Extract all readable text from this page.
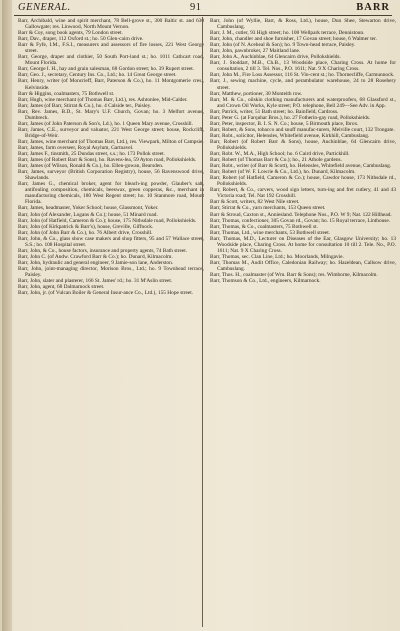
GENERAL.	91	BARR

Barr, Archibald, wine and spirit merchant, 78 Bell-grove st., 300 Baltic st. and 630 Gallowgate; res. Linwood, North Mount Vernon.

Barr & Coy, song book agents, 79 London street.

Barr, Dav., draper, 112 Oxford st.; ho. 50 Glen-cairn drive.

Barr & Fyfe, I.M., F.S.I., measurers and assessors of fire losses, 221 West George street.

Barr, George, draper and clothier, 50 South Port-land st.; ho. 1011 Cathcart road, Mount Florida.

Barr, George I. H., hay and grain salesman, 68 Gordon street; ho. 39 Rupert street.

Barr, Geo. J., secretary, Century Ins. Co., Ltd.; ho. 14 Great George street.

Barr, Henry, writer (of Moncrieff, Barr, Paterson & Co.), ho. 11 Montgomerie cres., Kelvinside.

Barr & Higgins, coalmasters, 75 Bothwell st.

Barr, Hugh, wine merchant (of Thomas Barr, Ltd.), res. Ashtonlee, Mid-Calder.

Barr, James (of Barr, Stirrat & Co.), ho. 4 Calside ter., Paisley.

Barr, Rev. James, B.D., St. Mary's U.F. Church, Govan; ho. 3 Melfort avenue, Dumbreck.

Barr, James (of John Paterson & Son's, Ld.), ho. 1 Queen Mary avenue, Crosshill.

Barr, James, C.E., surveyor and valuator, 221 West George street; house, Rockcliff, Bridge-of-Weir.

Barr, James, wine merchant (of Thomas Barr, Ltd.), res. Viewpark, Milton of Campsie.

Barr, James, farm overseer, Royal Asylum, Gartnavel.

Barr, James F., tinsmith, 25 Dundas street, s.s.; ho. 173 Pollok street.

Barr, James (of Robert Barr & Sons), ho. Ravens-lea, 59 Ayton road, Pollokshields.

Barr, James (of Wilson, Ronald & Co.), ho. Ellen-gowan, Bearsden.

Barr, James, surveyor (British Corporation Registry), house, 56 Ravenswood drive, Shawlands.

Barr, James G., chemical broker, agent for bleach-ing powder, Glauber's salt, antifouling composition, chemicals, beeswax, green copperas, &c., merchant in manufacturing chemicals, 180 West Regent street; ho. 10 Stanmore road, Mount Florida.

Barr, James, headmaster, Yoker School; house, Glassmont, Yoker.

Barr, John (of Alexander, Logans & Co.); house, 51 Minard road.

Barr, John (of Hatfield, Cameron & Co.); house, 175 Nithsdale road, Pollokshields.

Barr, John (of Kirkpatrick & Barr's), house, Greville, Giffnock.

Barr, John (of John Barr & Co.), ho. 76 Albert drive, Crosshill.

Barr, John, & Co., glass show case makers and shop fitters, 95 and 57 Wallace street, S.S.; ho. 108 Hospital street.

Barr, John, & Co., house factors, insurance and property agents, 74 Bath street.

Barr, John C. (of Andw. Crawford Barr & Co.); ho. Dunard, Kilmacolm.

Barr, John, hydraulic and general engineer, 9 Jamie-son lane, Anderston.

Barr, John, joint-managing director, Morison Bros., Ltd.; ho. 9 Townhead terrace, Paisley.

Barr, John, slater and plasterer, 166 St. James' rd.; ho. 31 M'Aslin street.

Barr, John, agent, 68 Dalmarnock street.

Barr, John, jr. (of Vulcan Boiler & General Insur-ance Co., Ltd.), 155 Hope street.

Barr, John (of Wyllie, Barr, & Ross, Ltd.), house, Dun Shee, Stewarton drive, Cambuslang.

Barr, J. M., cutler, 93 High street; ho. 108 Wellpark terrace, Dennistoun.

Barr, John, chandler and shoe furnisher, 17 Govan street; house, 6 Walmer ter.

Barr, John (of N. Aceheal & Son); ho. 9 Town-head terrace, Paisley.

Barr, John, pawnbroker, 27 Maitland lane.

Barr, John A., Auchinblae, 64 Glencairn drive, Pollokshields.

Barr, J. Stoddart, M.B., Ch.B., 13 Woodside place, Charing Cross. At home for consultation, 2 till 3. Tel. Nos., P.O. 1611; Nat. 9 X Charing Cross.

Barr, John M., Fire Loss Assessor, 116 St. Vin-cent st.; ho. Thornecliffe, Carmunnock.

Barr, J., sewing machine, cycle, and perambulator warehouse, 24 to 28 Rosebery street.

Barr, Matthew, portioner, 30 Monteith row.

Barr, M. & Co., oilskin clothing manufacturers and waterproofers, 68 Glassford st., and Crown Oil Works, Kyle street; P.O. telephone, Bell 249—See Adv. in App.

Barr, Patrick, writer, 51 Bath street; ho. Bainfield, Cardross.

Barr, Peter G. (at Farquhar Bros.), ho. 27 Fotherin-gay road, Pollokshields.

Barr, Peter, inspector, B. I. S. N. Co.; house, 5 Birmouth place, Ibrox.

Barr, Robert, & Sons, tobacco and snuff manufac-turers, Melville court, 132 Trongate.

Barr, Robt., solicitor, Helensles, Whitefield avenue, Kirkhill, Cambuslang.

Barr, Robert (of Robert Barr & Sons), house, Auchinblae, 64 Glencairn drive, Pollokshields.

Barr, Robt. W., M.A., High School; ho. 6 Caird drive, Partickhill.

Barr, Robert (of Thomas Barr & Co.); ho., 21 Athole gardens.

Barr, Robt., writer (of Barr & Scott), ho. Helensles, Whitefield avenue, Cambuslang.

Barr, Robert (of W. F. Lowrie & Co., Ltd.), ho. Dunard, Kilmacolm.

Barr, Robert (of Hatfield, Cameron & Co.); house, Cawdor house, 173 Nithsdale rd., Pollokshields.

Barr, Robert, & Co., carvers, wood sign letters, turn-ing and fret cutlery, 41 and 43 Victoria road; Tel. Nat 192 Crosshill.

Barr & Scott, writers, 82 West Nile street.

Barr, Stirrat & Co., yarn merchants, 153 Queen street.

Barr & Stroud, Caxton st., Anniesland. Telephone Nos., P.O. W 9; Nat. 122 Hillhead.

Barr, Thomas, confectioner, 305 Govan rd., Govan; ho. 15 Royal terrace, Linthouse.

Barr, Thomas, & Co., coalmasters, 75 Bothwell st.

Barr, Thomas, Ltd., wine merchants, 53 Bothwell street.

Barr, Thomas, M.D., Lecturer on Diseases of the Ear, Glasgow University; ho. 13 Woodside place, Charing Cross. At home for consultation 10 till 2. Tele. No., P.O. 1611; Nat. 9 X Charing Cross.

Barr, Thomas, sec. Clan Line, Ltd.; ho. Moorlands, Milngavie.

Barr, Thomas M., Audit Office, Caledonian Railway; ho. Hazeldean, Callsow drive, Cambuslang.

Barr, Thos. H., coalmaster (of Wm. Barr & Sons); res. Wimborne, Kilmacolm.

Barr, Thomson & Co., Ltd., engineers, Kilmarnock.
